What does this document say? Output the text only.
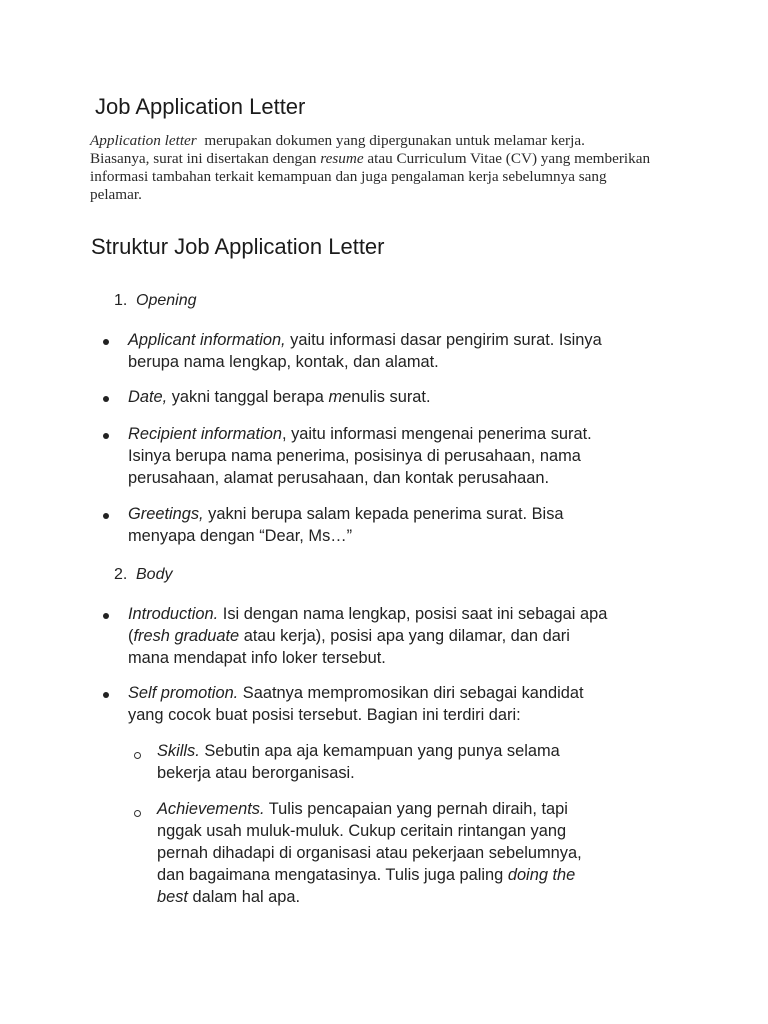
Job Application Letter
Application letter  merupakan dokumen yang dipergunakan untuk melamar kerja.
Biasanya, surat ini disertakan dengan resume atau Curriculum Vitae (CV) yang memberikan
informasi tambahan terkait kemampuan dan juga pengalaman kerja sebelumnya sang
pelamar.
Struktur Job Application Letter
1. Opening
Applicant information, yaitu informasi dasar pengirim surat. Isinya
berupa nama lengkap, kontak, dan alamat.
Date, yakni tanggal berapa menulis surat.
Recipient information, yaitu informasi mengenai penerima surat.
Isinya berupa nama penerima, posisinya di perusahaan, nama
perusahaan, alamat perusahaan, dan kontak perusahaan.
Greetings, yakni berupa salam kepada penerima surat. Bisa
menyapa dengan “Dear, Ms…”
2. Body
Introduction. Isi dengan nama lengkap, posisi saat ini sebagai apa
(fresh graduate atau kerja), posisi apa yang dilamar, dan dari
mana mendapat info loker tersebut.
Self promotion. Saatnya mempromosikan diri sebagai kandidat
yang cocok buat posisi tersebut. Bagian ini terdiri dari:
Skills. Sebutin apa aja kemampuan yang punya selama
bekerja atau berorganisasi.
Achievements. Tulis pencapaian yang pernah diraih, tapi
nggak usah muluk-muluk. Cukup ceritain rintangan yang
pernah dihadapi di organisasi atau pekerjaan sebelumnya,
dan bagaimana mengatasinya. Tulis juga paling doing the
best dalam hal apa.
